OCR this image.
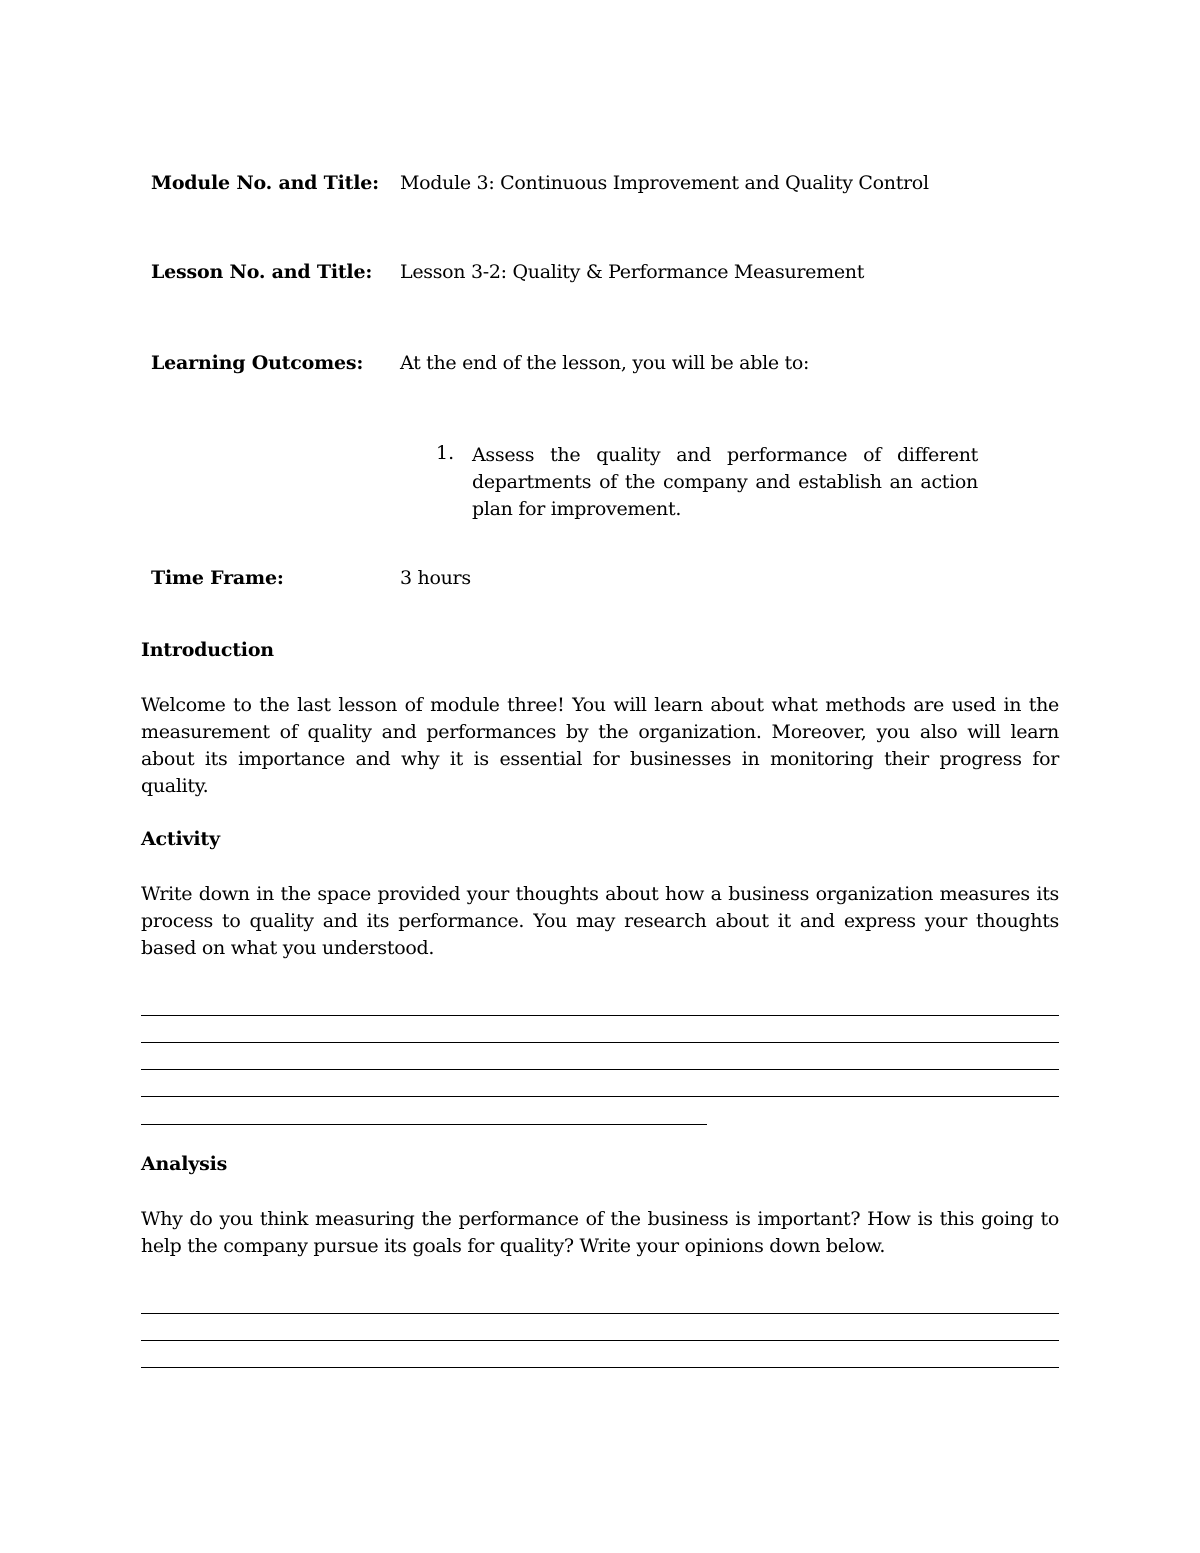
Module No. and Title: Module 3: Continuous Improvement and Quality Control
Lesson No. and Title: Lesson 3-2: Quality & Performance Measurement
Learning Outcomes: At the end of the lesson, you will be able to:
1. Assess the quality and performance of different departments of the company and establish an action plan for improvement.
Time Frame:	3 hours
Introduction
Welcome to the last lesson of module three! You will learn about what methods are used in the measurement of quality and performances by the organization. Moreover, you also will learn about its importance and why it is essential for businesses in monitoring their progress for quality.
Activity
Write down in the space provided your thoughts about how a business organization measures its process to quality and its performance. You may research about it and express your thoughts based on what you understood.
Analysis
Why do you think measuring the performance of the business is important? How is this going to help the company pursue its goals for quality? Write your opinions down below.
